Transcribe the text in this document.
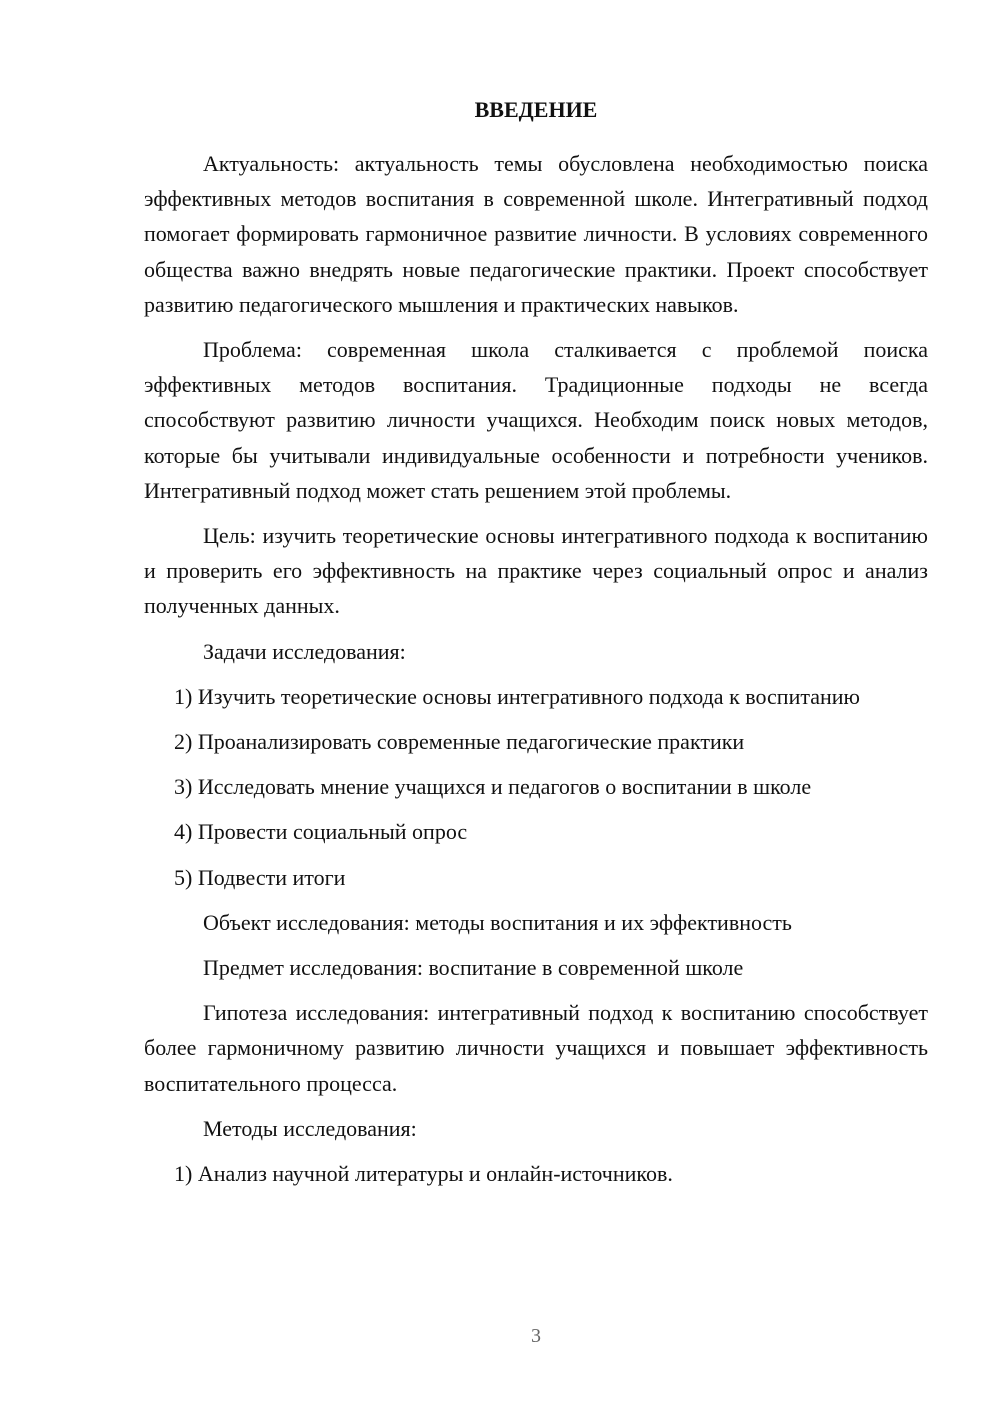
ВВЕДЕНИЕ

Актуальность: актуальность темы обусловлена необходимостью поиска эффективных методов воспитания в современной школе. Интегративный подход помогает формировать гармоничное развитие личности. В условиях современного общества важно внедрять новые педагогические практики. Проект способствует развитию педагогического мышления и практических навыков.

Проблема: современная школа сталкивается с проблемой поиска эффективных методов воспитания. Традиционные подходы не всегда способствуют развитию личности учащихся. Необходим поиск новых методов, которые бы учитывали индивидуальные особенности и потребности учеников. Интегративный подход может стать решением этой проблемы.

Цель: изучить теоретические основы интегративного подхода к воспитанию и проверить его эффективность на практике через социальный опрос и анализ полученных данных.

Задачи исследования:

1) Изучить теоретические основы интегративного подхода к воспитанию

2) Проанализировать современные педагогические практики

3) Исследовать мнение учащихся и педагогов о воспитании в школе

4) Провести социальный опрос

5) Подвести итоги

Объект исследования: методы воспитания и их эффективность

Предмет исследования: воспитание в современной школе

Гипотеза исследования: интегративный подход к воспитанию способствует более гармоничному развитию личности учащихся и повышает эффективность воспитательного процесса.

Методы исследования:

1) Анализ научной литературы и онлайн-источников.

3
